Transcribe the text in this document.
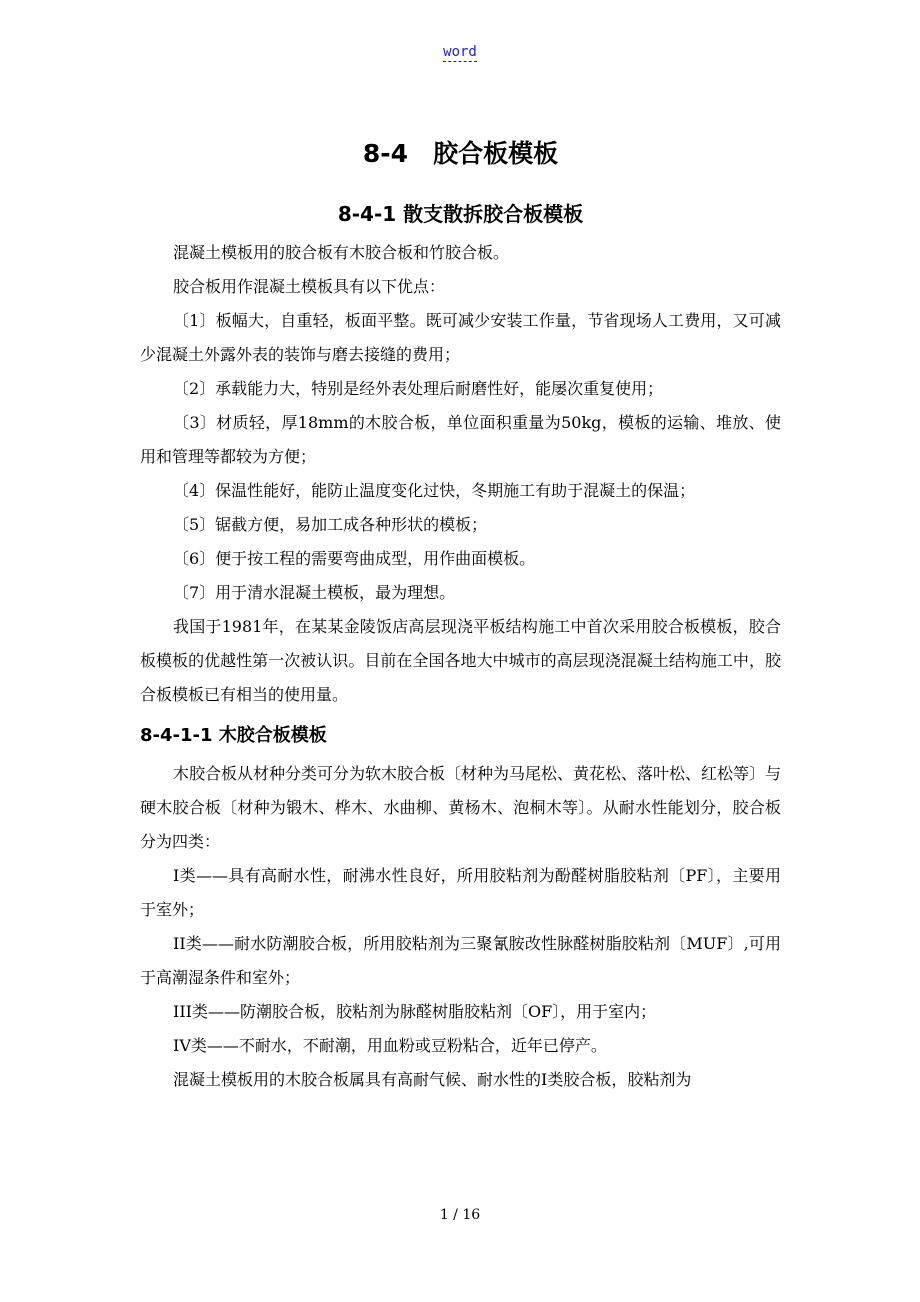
word
8-4　胶合板模板
8-4-1 散支散拆胶合板模板

混凝土模板用的胶合板有木胶合板和竹胶合板。

胶合板用作混凝土模板具有以下优点：

〔1〕板幅大，自重轻，板面平整。既可减少安装工作量，节省现场人工费用，又可减少混凝土外露外表的装饰与磨去接缝的费用；

〔2〕承载能力大，特别是经外表处理后耐磨性好，能屡次重复使用；

〔3〕材质轻，厚18mm的木胶合板，单位面积重量为50kg，模板的运输、堆放、使用和管理等都较为方便；

〔4〕保温性能好，能防止温度变化过快，冬期施工有助于混凝土的保温；

〔5〕锯截方便，易加工成各种形状的模板；

〔6〕便于按工程的需要弯曲成型，用作曲面模板。

〔7〕用于清水混凝土模板，最为理想。

我国于1981年，在某某金陵饭店高层现浇平板结构施工中首次采用胶合板模板，胶合板模板的优越性第一次被认识。目前在全国各地大中城市的高层现浇混凝土结构施工中，胶合板模板已有相当的使用量。

8-4-1-1 木胶合板模板

木胶合板从材种分类可分为软木胶合板〔材种为马尾松、黄花松、落叶松、红松等〕与硬木胶合板〔材种为锻木、桦木、水曲柳、黄杨木、泡桐木等〕。从耐水性能划分，胶合板分为四类：

I类——具有高耐水性，耐沸水性良好，所用胶粘剂为酚醛树脂胶粘剂〔PF〕，主要用于室外；

II类——耐水防潮胶合板，所用胶粘剂为三聚氰胺改性脉醛树脂胶粘剂〔MUF〕,可用于高潮湿条件和室外；

III类——防潮胶合板，胶粘剂为脉醛树脂胶粘剂〔OF〕，用于室内；

IV类——不耐水，不耐潮，用血粉或豆粉粘合，近年已停产。

混凝土模板用的木胶合板属具有高耐气候、耐水性的I类胶合板，胶粘剂为

1 / 16
